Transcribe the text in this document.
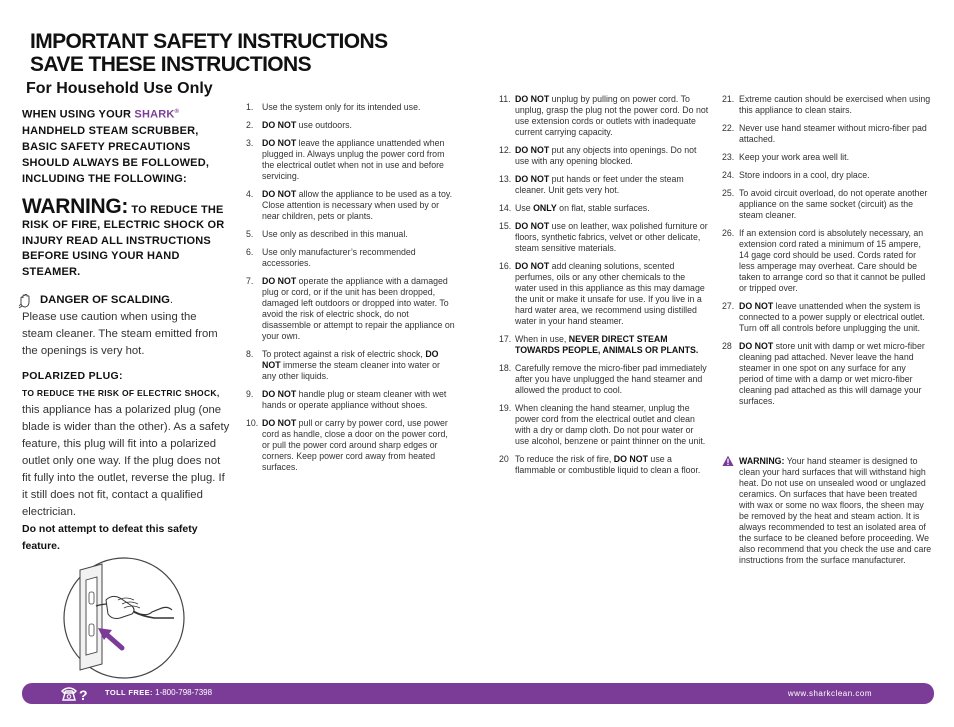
IMPORTANT SAFETY INSTRUCTIONS
SAVE THESE INSTRUCTIONS
For Household Use Only
WHEN USING YOUR SHARK® HANDHELD STEAM SCRUBBER, BASIC SAFETY PRECAUTIONS SHOULD ALWAYS BE FOLLOWED, INCLUDING THE FOLLOWING:
WARNING: TO REDUCE THE RISK OF FIRE, ELECTRIC SHOCK OR INJURY READ ALL INSTRUCTIONS BEFORE USING YOUR HAND STEAMER.
DANGER OF SCALDING.
Please use caution when using the steam cleaner. The steam emitted from the openings is very hot.
POLARIZED PLUG:
TO REDUCE THE RISK OF ELECTRIC SHOCK, this appliance has a polarized plug (one blade is wider than the other). As a safety feature, this plug will fit into a polarized outlet only one way. If the plug does not fit fully into the outlet, reverse the plug. If it still does not fit, contact a qualified electrician.
Do not attempt to defeat this safety feature.
1. Use the system only for its intended use.
2. DO NOT use outdoors.
3. DO NOT leave the appliance unattended when plugged in. Always unplug the power cord from the electrical outlet when not in use and before servicing.
4. DO NOT allow the appliance to be used as a toy. Close attention is necessary when used by or near children, pets or plants.
5. Use only as described in this manual.
6. Use only manufacturer’s recommended accessories.
7. DO NOT operate the appliance with a damaged plug or cord, or if the unit has been dropped, damaged left outdoors or dropped into water. To avoid the risk of electric shock, do not disassemble or attempt to repair the appliance on your own.
8. To protect against a risk of electric shock, DO NOT immerse the steam cleaner into water or any other liquids.
9. DO NOT handle plug or steam cleaner with wet hands or operate appliance without shoes.
10. DO NOT pull or carry by power cord, use power cord as handle, close a door on the power cord, or pull the power cord around sharp edges or corners. Keep power cord away from heated surfaces.
11. DO NOT unplug by pulling on power cord. To unplug, grasp the plug not the power cord. Do not use extension cords or outlets with inadequate current carrying capacity.
12. DO NOT put any objects into openings. Do not use with any opening blocked.
13. DO NOT put hands or feet under the steam cleaner. Unit gets very hot.
14. Use ONLY on flat, stable surfaces.
15. DO NOT use on leather, wax polished furniture or floors, synthetic fabrics, velvet or other delicate, steam sensitive materials.
16. DO NOT add cleaning solutions, scented perfumes, oils or any other chemicals to the water used in this appliance as this may damage the unit or make it unsafe for use. If you live in a hard water area, we recommend using distilled water in your hand steamer.
17. When in use, NEVER DIRECT STEAM TOWARDS PEOPLE, ANIMALS OR PLANTS.
18. Carefully remove the micro-fiber pad immediately after you have unplugged the hand steamer and allowed the product to cool.
19. When cleaning the hand steamer, unplug the power cord from the electrical outlet and clean with a dry or damp cloth. Do not pour water or use alcohol, benzene or paint thinner on the unit.
20 To reduce the risk of fire, DO NOT use a flammable or combustible liquid to clean a floor.
21. Extreme caution should be exercised when using this appliance to clean stairs.
22. Never use hand steamer without micro-fiber pad attached.
23. Keep your work area well lit.
24. Store indoors in a cool, dry place.
25. To avoid circuit overload, do not operate another appliance on the same socket (circuit) as the steam cleaner.
26. If an extension cord is absolutely necessary, an extension cord rated a minimum of 15 ampere, 14 gage cord should be used. Cords rated for less amperage may overheat. Care should be taken to arrange cord so that it cannot be pulled or tripped over.
27. DO NOT leave unattended when the system is connected to a power supply or electrical outlet. Turn off all controls before unplugging the unit.
28 DO NOT store unit with damp or wet micro-fiber cleaning pad attached. Never leave the hand steamer in one spot on any surface for any period of time with a damp or wet micro-fiber cleaning pad attached as this will damage your surfaces.
WARNING: Your hand steamer is designed to clean your hard surfaces that will withstand high heat. Do not use on unsealed wood or unglazed ceramics. On surfaces that have been treated with wax or some no wax floors, the sheen may be removed by the heat and steam action. It is always recommended to test an isolated area of the surface to be cleaned before proceeding. We also recommend that you check the use and care instructions from the surface manufacturer.
? TOLL FREE: 1-800-798-7398	www.sharkclean.com
